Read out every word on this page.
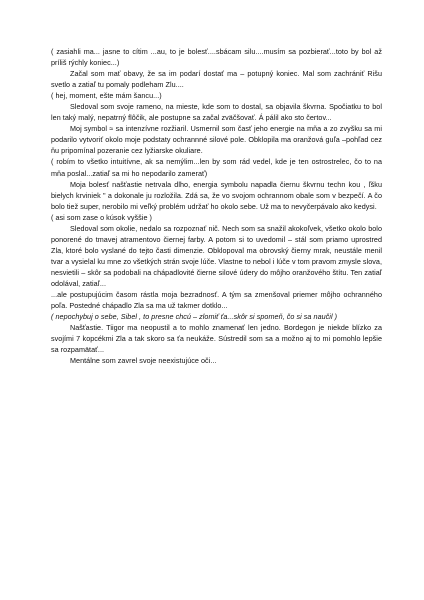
( zasiahli ma... jasne to cítim ...au, to je bolesť....sbácam silu....musím sa pozbierať...toto by bol až príliš rýchly koniec...)

Začal som mať obavy, že sa im podarí dostať ma – potupný koniec. Mal som zachrániť Rišu svetlo a zatiaľ tu pomaly podleham Zlu....

( hej, moment, ešte mám šancu...)

Sledoval som svoje rameno, na mieste, kde som to dostal, sa objavila škvrna. Spočiatku to bol len taký malý, nepatrný flôčik, ale postupne sa začal zväčšovať. Á pálil ako sto čertov...

Moj symbol ≈ sa intenzívne rozžiaril. Usmernil som časť jeho energie na mňa a zo zvyšku sa mi podarilo vytvoriť okolo moje podstaty ochrannné silové pole. Obklopila ma oranžová guľa –pohľad cez ňu pripomínal pozeranie cez lyžiarske okuliare.

( robím to všetko intuitívne, ak sa nemýlim...len by som rád vedel, kde je ten ostrostrelec, čo to na mňa poslal...zatiaľ sa mi ho nepodarilo zamerať)

Moja bolesť našťastie netrvala dlho, energia symbolu napadla čiernu škvrnu techn kou , ľšku bielych krviniek " a dokonale ju rozložila. Zdá sa, že vo svojom ochrannom obale som v bezpečí. A čo bolo tiež super, nerobilo mi veľký problém udržať ho okolo sebe. Už ma to nevyčerpávalo ako kedysi.

( asi som zase o kúsok vyššie )

Sledoval som okolie, nedalo sa rozpoznať nič. Nech som sa snažil akokoľvek, všetko okolo bolo ponorené do tmavej atramentovo čiernej farby. A potom si to uvedomil – stál som priamo uprostred Zla, ktoré bolo vyslané do tejto časti dimenzie. Obklopoval ma obrovský čierny mrak, neustále menil tvar a vysielal ku mne zo všetkých strán svoje lúče. Vlastne to nebol i lúče v tom pravom zmysle slova, nesvietili – skôr sa podobali na chápadlovité čierne silové údery do môjho oranžového štítu. Ten zatiaľ odolával, zatiaľ...

...ale postupujúcim časom rástla moja bezradnosť. A tým sa zmenšoval priemer môjho ochranného poľa. Postedné chápadlo Zla sa ma už takmer dotklo...

( nepochybuj o sebe, Sibel , to presne chcú – zlomiť ťa...skôr si spomeň, čo si sa naučil )

Našťastie. Tiigor ma neopustil a to mohlo znamenať len jedno. Bordegon je niekde blízko za svojími 7 kopcékmi Zla a tak skoro sa ťa neukáže. Sústredil som sa a možno aj to mi pomohlo lepšie sa rozpamätať...

Mentálne som zavrel svoje neexistujúce oči...
